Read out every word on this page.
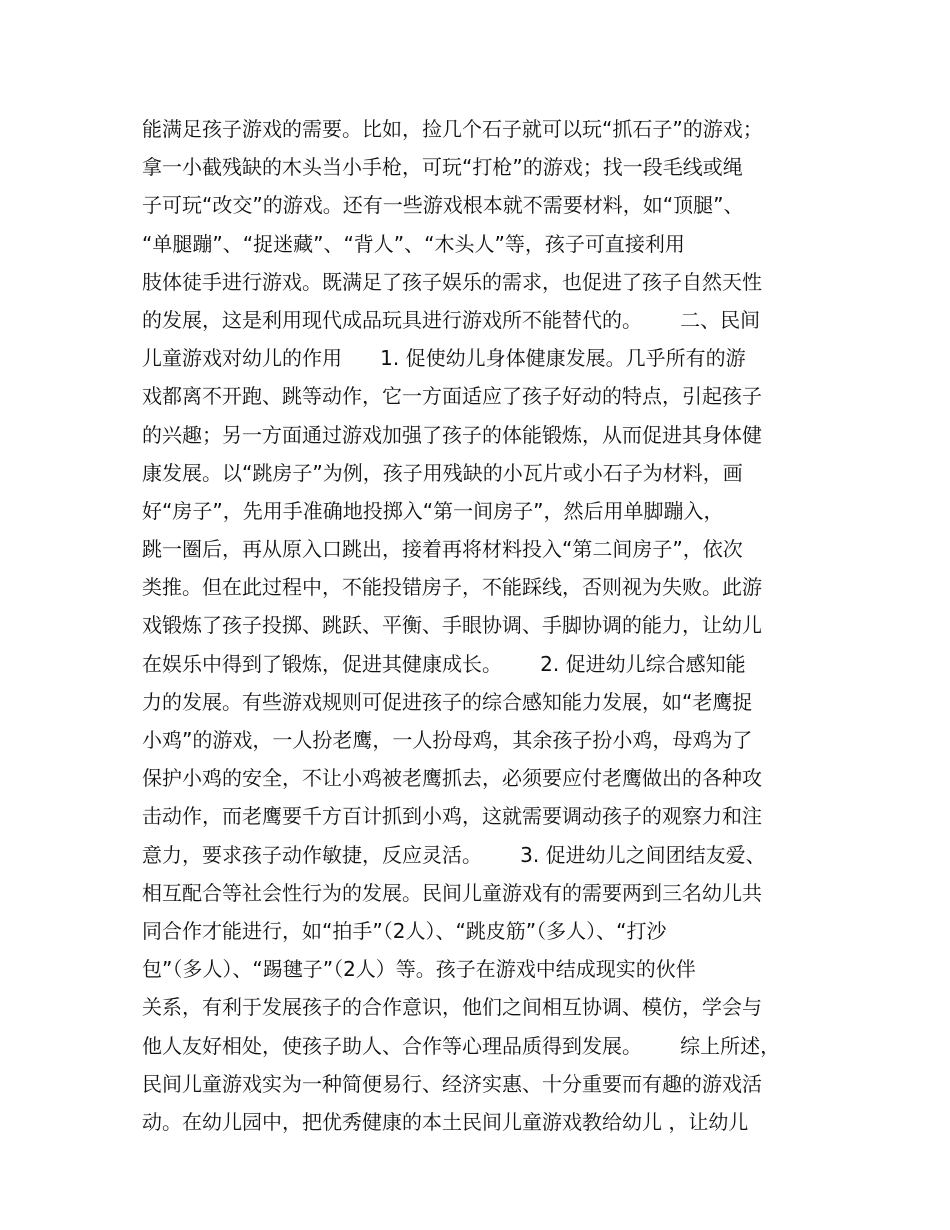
能满足孩子游戏的需要。比如，捡几个石子就可以玩“抓石子”的游戏；
拿一小截残缺的木头当小手枪，可玩“打枪”的游戏；找一段毛线或绳
子可玩“改交”的游戏。还有一些游戏根本就不需要材料，如“顶腿”、
“单腿蹦”、“捉迷藏”、“背人”、“木头人”等，孩子可直接利用
肢体徒手进行游戏。既满足了孩子娱乐的需求，也促进了孩子自然天性
的发展，这是利用现代成品玩具进行游戏所不能替代的。      二、民间
儿童游戏对幼儿的作用      1. 促使幼儿身体健康发展。几乎所有的游
戏都离不开跑、跳等动作，它一方面适应了孩子好动的特点，引起孩子
的兴趣；另一方面通过游戏加强了孩子的体能锻炼，从而促进其身体健
康发展。以“跳房子”为例，孩子用残缺的小瓦片或小石子为材料，画
好“房子”，先用手准确地投掷入“第一间房子”，然后用单脚蹦入，
跳一圈后，再从原入口跳出，接着再将材料投入“第二间房子”，依次
类推。但在此过程中，不能投错房子，不能踩线，否则视为失败。此游
戏锻炼了孩子投掷、跳跃、平衡、手眼协调、手脚协调的能力，让幼儿
在娱乐中得到了锻炼，促进其健康成长。      2. 促进幼儿综合感知能
力的发展。有些游戏规则可促进孩子的综合感知能力发展，如“老鹰捉
小鸡”的游戏，一人扮老鹰，一人扮母鸡，其余孩子扮小鸡，母鸡为了
保护小鸡的安全，不让小鸡被老鹰抓去，必须要应付老鹰做出的各种攻
击动作，而老鹰要千方百计抓到小鸡，这就需要调动孩子的观察力和注
意力，要求孩子动作敏捷，反应灵活。      3. 促进幼儿之间团结友爱、
相互配合等社会性行为的发展。民间儿童游戏有的需要两到三名幼儿共
同合作才能进行，如“拍手”（2人）、“跳皮筋”（多人）、“打沙
包”（多人）、“踢毽子”（2人）等。孩子在游戏中结成现实的伙伴
关系，有利于发展孩子的合作意识，他们之间相互协调、模仿，学会与
他人友好相处，使孩子助人、合作等心理品质得到发展。      综上所述，
民间儿童游戏实为一种简便易行、经济实惠、十分重要而有趣的游戏活
动。在幼儿园中，把优秀健康的本土民间儿童游戏教给幼儿 ，让幼儿
